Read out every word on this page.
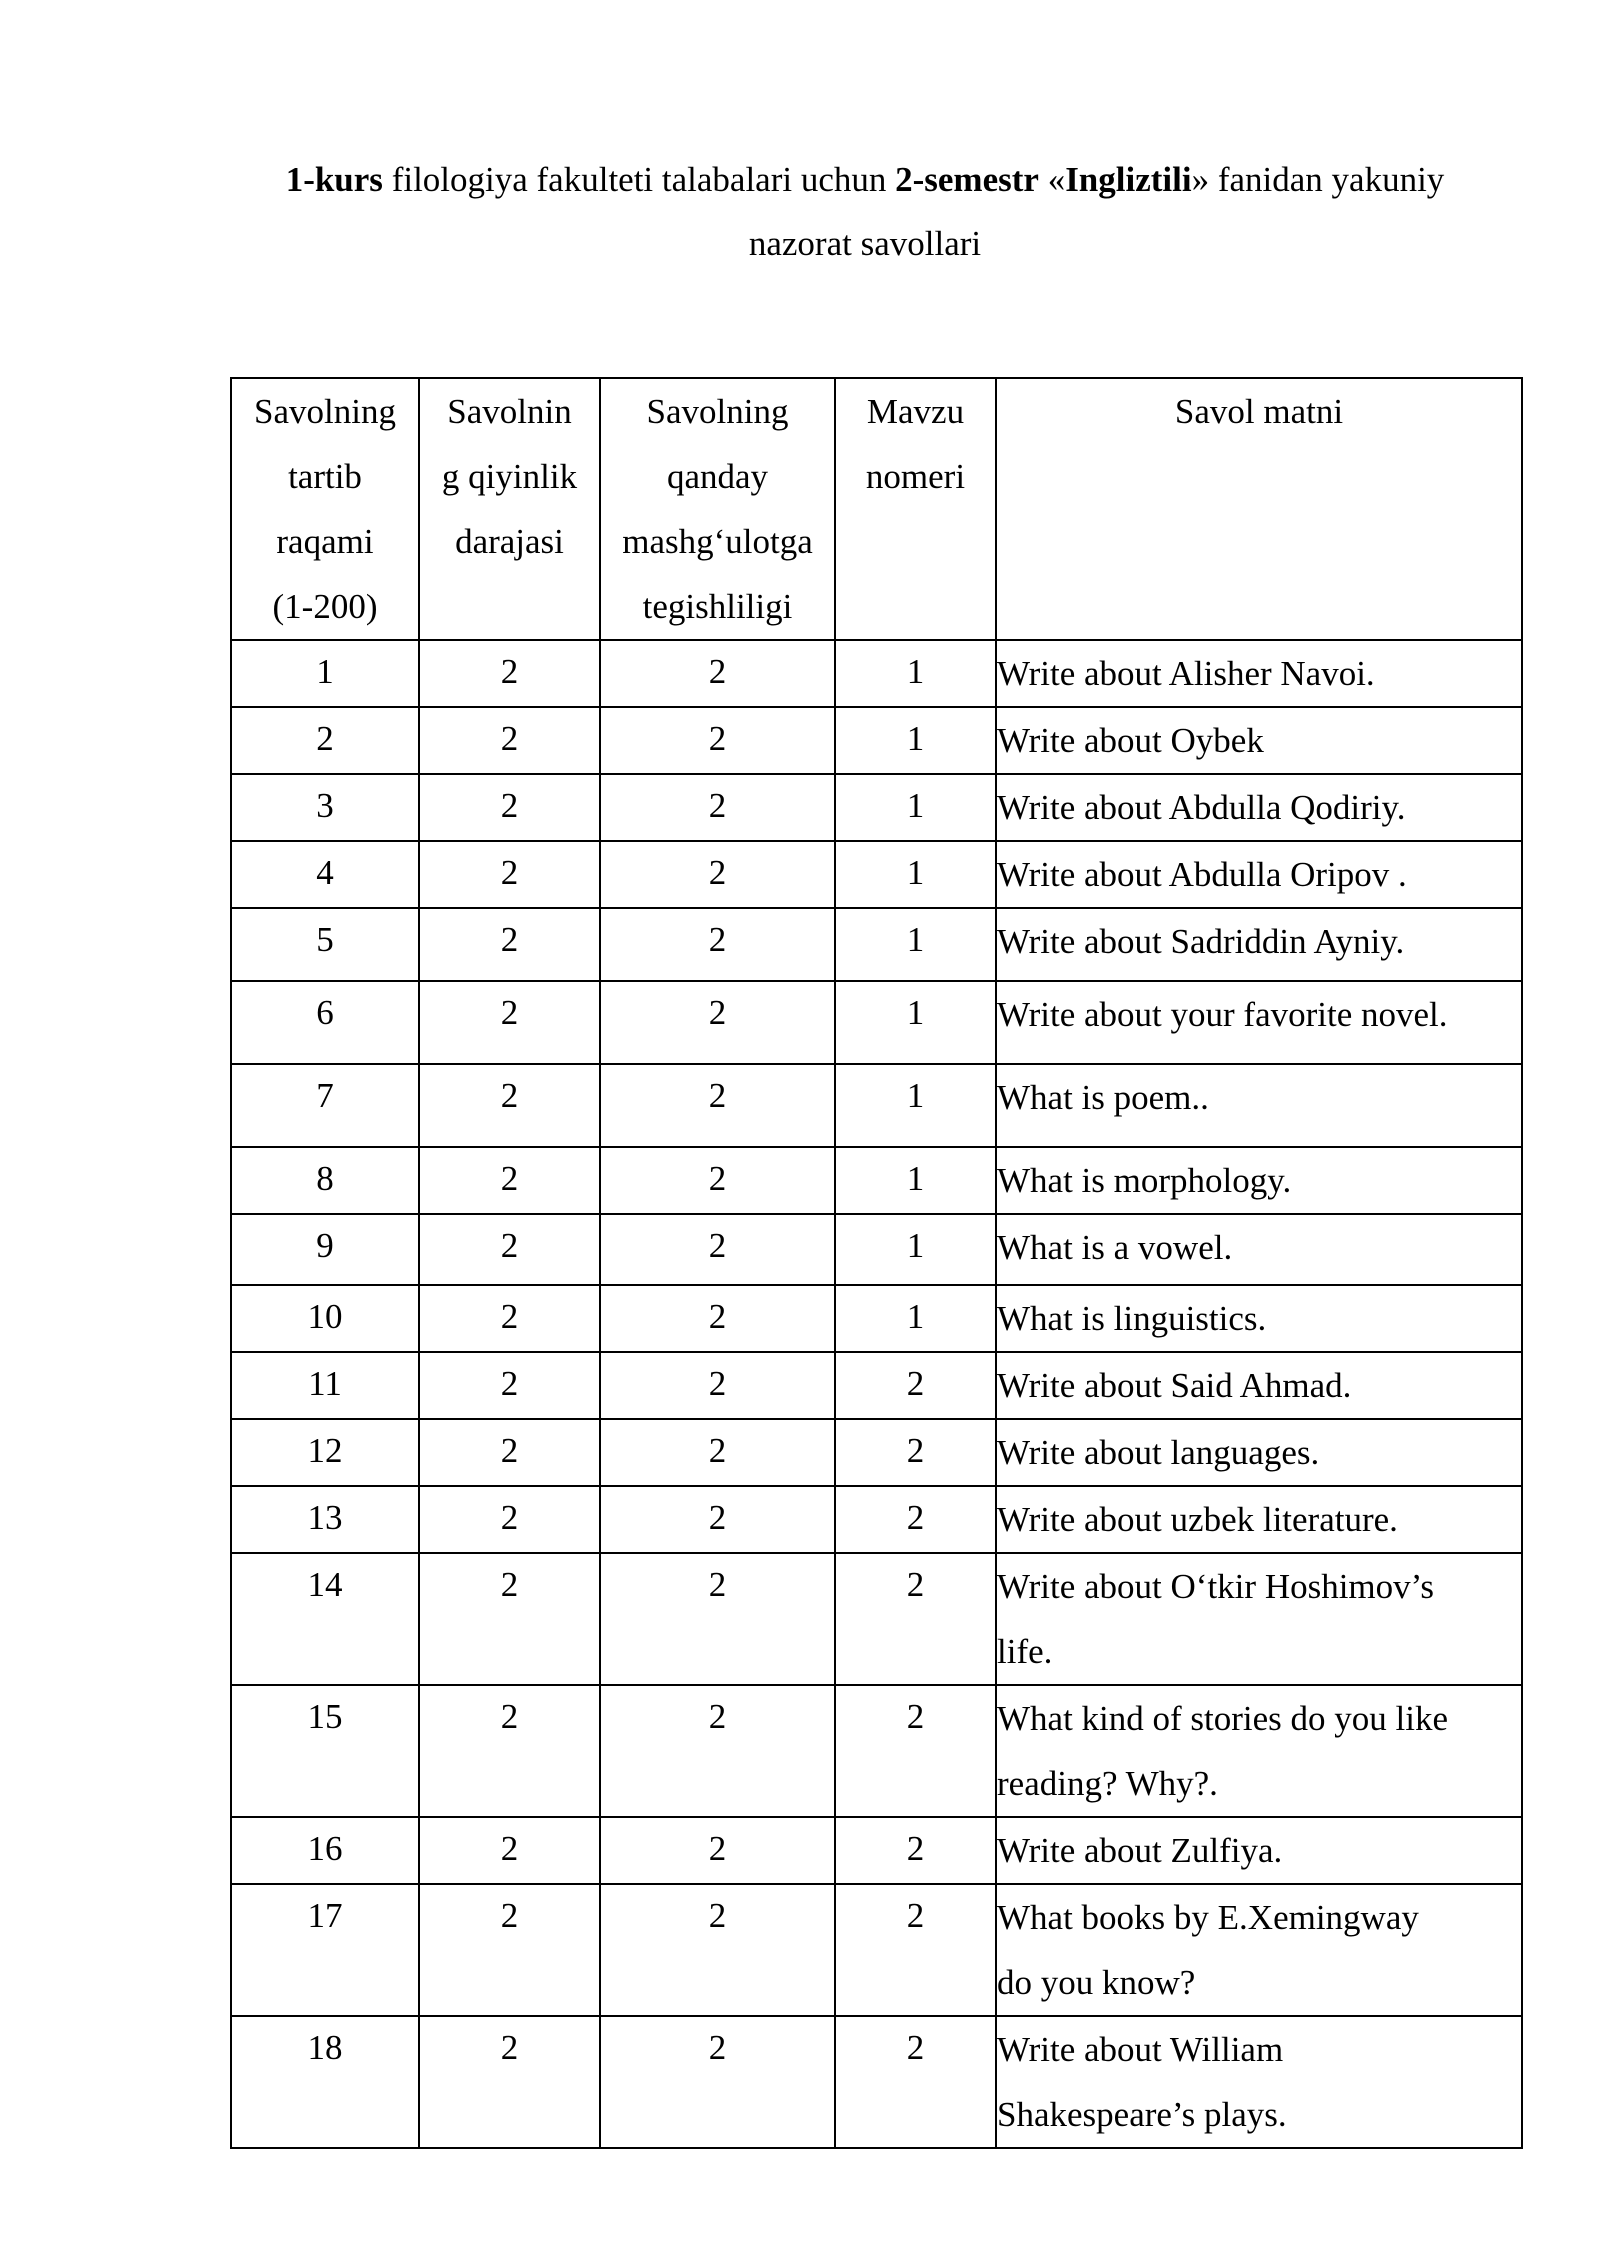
1-kurs filologiya fakulteti talabalari uchun 2-semestr «Ingliztili» fanidan yakuniy
nazorat savollari
Savolning
tartib
raqami
(1-200)	Savolnin
g qiyinlik
darajasi	Savolning
qanday
mashg‘ulotga
tegishliligi	Mavzu
nomeri	Savol matni

1	2	2	1	Write about Alisher Navoi.

2	2	2	1	Write about Oybek

3	2	2	1	Write about Abdulla Qodiriy.

4	2	2	1	Write about Abdulla Oripov .

5	2	2	1	Write about Sadriddin Ayniy.

6	2	2	1	Write about your favorite novel.

7	2	2	1	What is poem..

8	2	2	1	What is morphology.

9	2	2	1	What is a vowel.

10	2	2	1	What is linguistics.

11	2	2	2	Write about Said Ahmad.

12	2	2	2	Write about languages.

13	2	2	2	Write about uzbek literature.

14	2	2	2	Write about O‘tkir Hoshimov’s
life.

15	2	2	2	What kind of stories do you like
reading? Why?.

16	2	2	2	Write about Zulfiya.

17	2	2	2	What books by E.Xemingway
do you know?

18	2	2	2	Write about William
Shakespeare’s plays.
